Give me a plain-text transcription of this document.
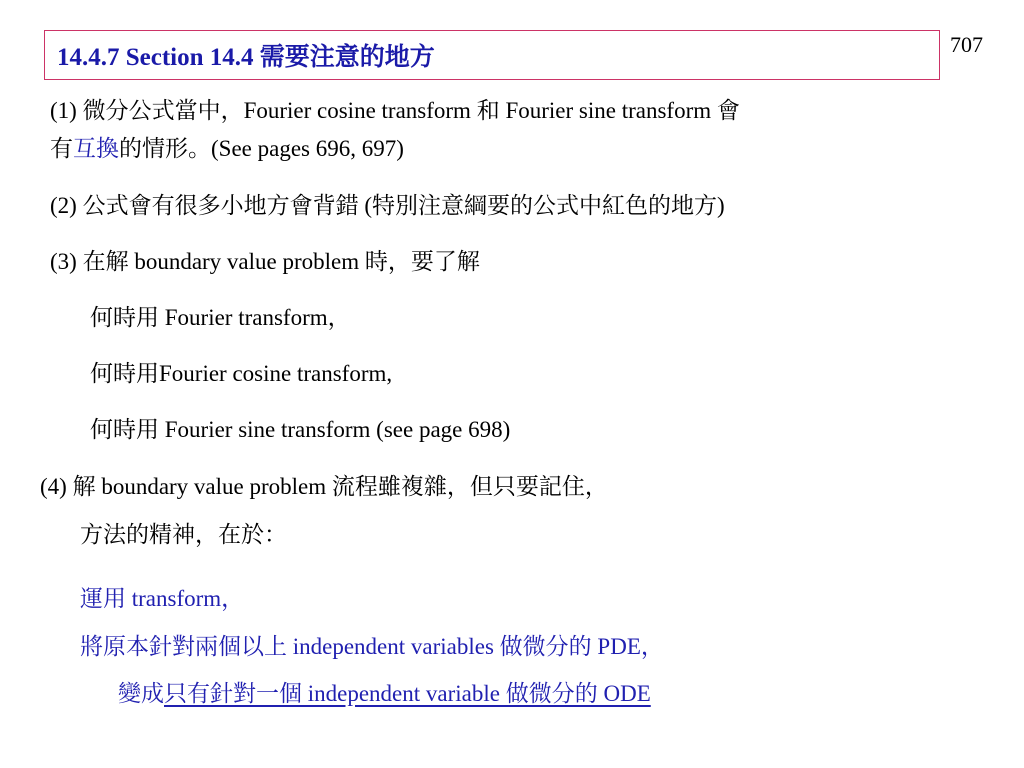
707
14.4.7 Section 14.4 需要注意的地方
(1) 微分公式當中，Fourier cosine transform 和 Fourier sine transform 會
有互換的情形。(See pages 696, 697)
(2) 公式會有很多小地方會背錯 (特別注意綱要的公式中紅色的地方)
(3) 在解 boundary value problem 時，要了解
何時用 Fourier transform，
何時用Fourier cosine transform,
何時用 Fourier sine transform (see page 698)
(4) 解 boundary value problem 流程雖複雜，但只要記住，
方法的精神，在於：
運用 transform，
將原本針對兩個以上 independent variables 做微分的 PDE，
變成只有針對一個 independent variable 做微分的 ODE
